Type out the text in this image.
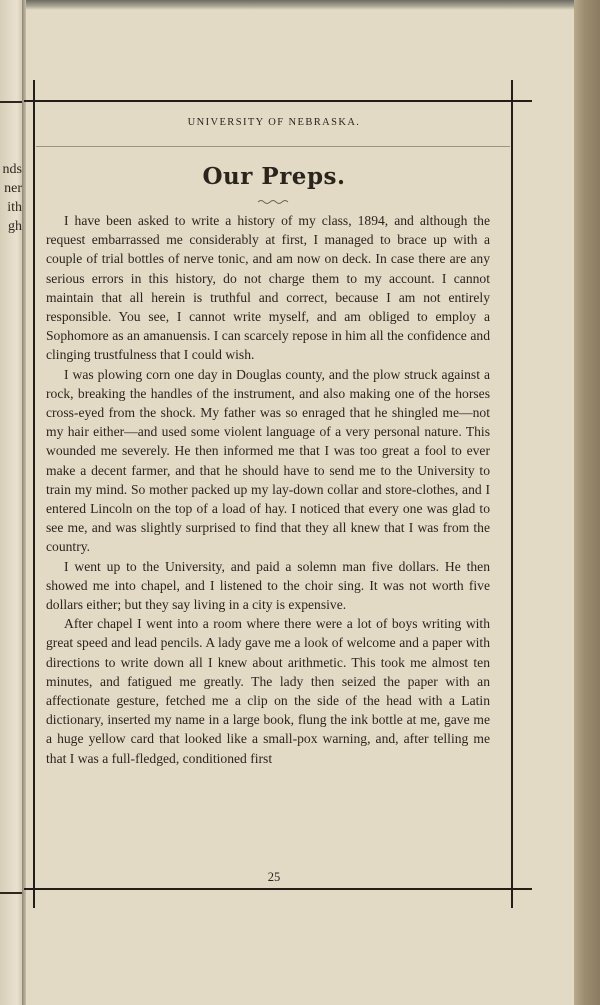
nds
ner
ith
gh
UNIVERSITY OF NEBRASKA.
Our Preps.

I have been asked to write a history of my class, 1894, and although the request embarrassed me considerably at first, I managed to brace up with a couple of trial bottles of nerve tonic, and am now on deck. In case there are any serious errors in this history, do not charge them to my account. I cannot maintain that all herein is truthful and correct, because I am not entirely responsible. You see, I cannot write myself, and am obliged to employ a Sophomore as an amanuensis. I can scarcely repose in him all the confidence and clinging trustfulness that I could wish.

I was plowing corn one day in Douglas county, and the plow struck against a rock, breaking the handles of the instrument, and also making one of the horses cross-eyed from the shock. My father was so enraged that he shingled me—not my hair either—and used some violent language of a very personal nature. This wounded me severely. He then informed me that I was too great a fool to ever make a decent farmer, and that he should have to send me to the University to train my mind. So mother packed up my lay-down collar and store-clothes, and I entered Lincoln on the top of a load of hay. I noticed that every one was glad to see me, and was slightly surprised to find that they all knew that I was from the country.

I went up to the University, and paid a solemn man five dollars. He then showed me into chapel, and I listened to the choir sing. It was not worth five dollars either; but they say living in a city is expensive.

After chapel I went into a room where there were a lot of boys writing with great speed and lead pencils. A lady gave me a look of welcome and a paper with directions to write down all I knew about arithmetic. This took me almost ten minutes, and fatigued me greatly. The lady then seized the paper with an affectionate gesture, fetched me a clip on the side of the head with a Latin dictionary, inserted my name in a large book, flung the ink bottle at me, gave me a huge yellow card that looked like a small-pox warning, and, after telling me that I was a full-fledged, conditioned first

25
